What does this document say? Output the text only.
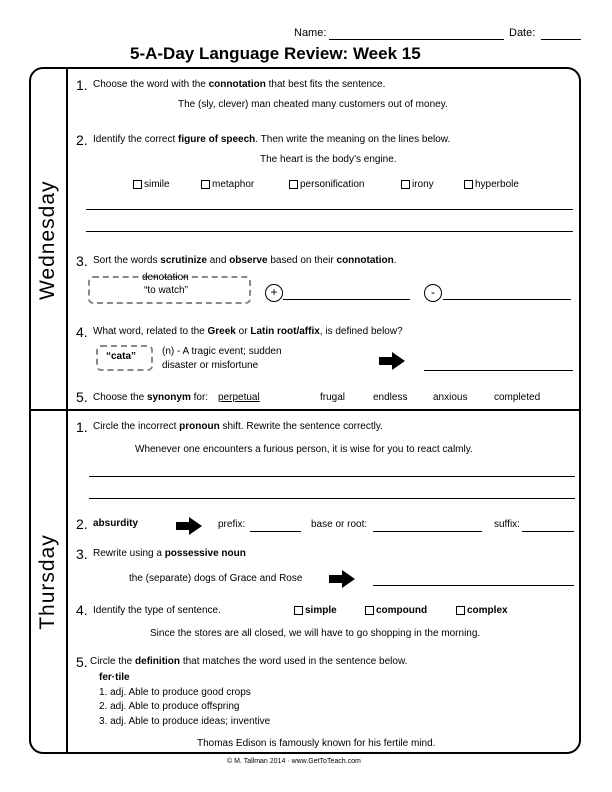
Name:	Date:
5-A-Day Language Review: Week 15
Wednesday
Thursday
1. Choose the word with the connotation that best fits the sentence.
The (sly, clever) man cheated many customers out of money.
2. Identify the correct figure of speech. Then write the meaning on the lines below.
The heart is the body’s engine.
simile	metaphor	personification	irony	hyperbole
3. Sort the words scrutinize and observe based on their connotation.
denotation
“to watch”	+	-
4. What word, related to the Greek or Latin root/affix, is defined below?
“cata”	(n) - A tragic event; sudden
disaster or misfortune
5. Choose the synonym for: perpetual	frugal	endless	anxious	completed
1. Circle the incorrect pronoun shift. Rewrite the sentence correctly.
Whenever one encounters a furious person, it is wise for you to react calmly.
2. absurdity	prefix:	base or root:	suffix:
3. Rewrite using a possessive noun
the (separate) dogs of Grace and Rose
4. Identify the type of sentence.	simple	compound	complex
Since the stores are all closed, we will have to go shopping in the morning.
5. Circle the definition that matches the word used in the sentence below.
fer·tile
1. adj. Able to produce good crops
2. adj. Able to produce offspring
3. adj. Able to produce ideas; inventive
Thomas Edison is famously known for his fertile mind.
© M. Tallman 2014 · www.GetToTeach.com
